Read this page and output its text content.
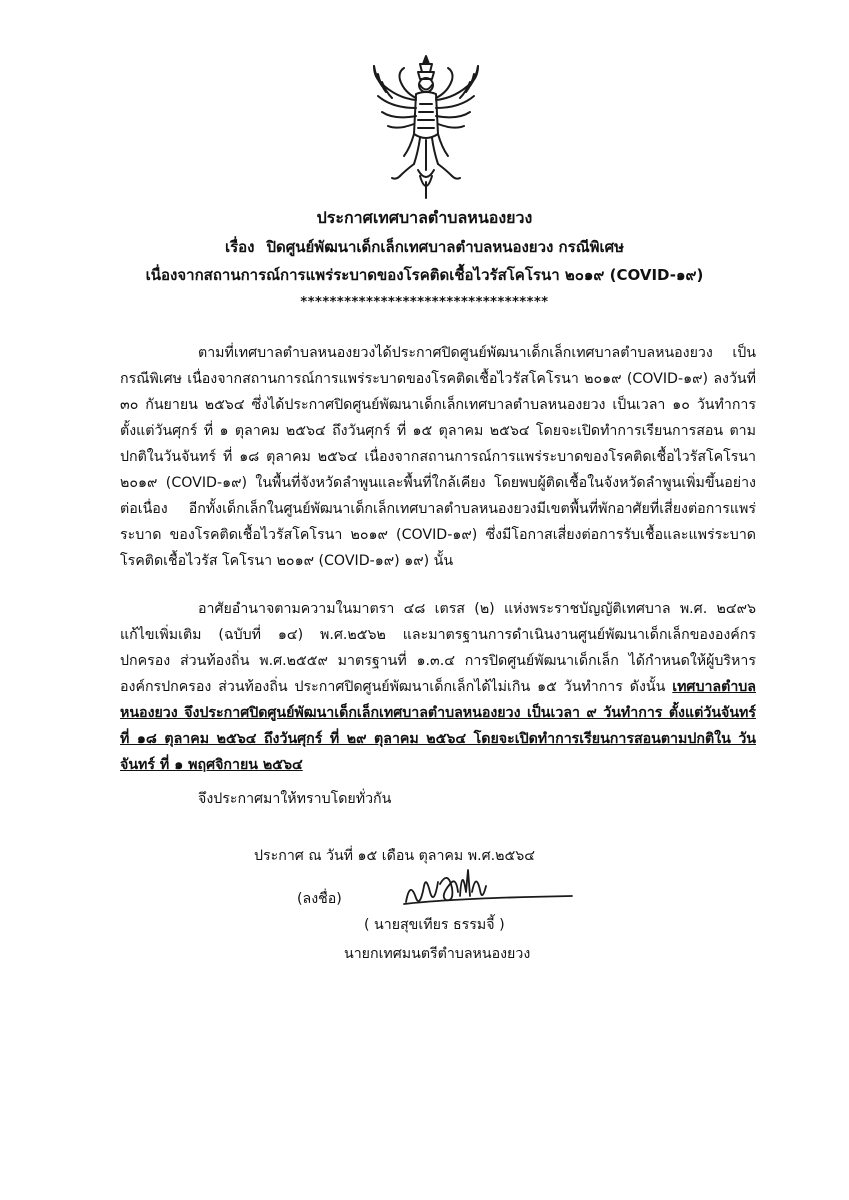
ประกาศเทศบาลตำบลหนองยวง
เรื่อง ปิดศูนย์พัฒนาเด็กเล็กเทศบาลตำบลหนองยวง กรณีพิเศษ
เนื่องจากสถานการณ์การแพร่ระบาดของโรคติดเชื้อไวรัสโคโรนา ๒๐๑๙ (COVID-๑๙)
**********************************

ตามที่เทศบาลตำบลหนองยวงได้ประกาศปิดศูนย์พัฒนาเด็กเล็กเทศบาลตำบลหนองยวง เป็นกรณีพิเศษ เนื่องจากสถานการณ์การแพร่ระบาดของโรคติดเชื้อไวรัสโคโรนา ๒๐๑๙ (COVID-๑๙) ลงวันที่ ๓๐ กันยายน ๒๕๖๔ ซึ่งได้ประกาศปิดศูนย์พัฒนาเด็กเล็กเทศบาลตำบลหนองยวง เป็นเวลา ๑๐ วันทำการ ตั้งแต่วันศุกร์ ที่ ๑ ตุลาคม ๒๕๖๔ ถึงวันศุกร์ ที่ ๑๕ ตุลาคม ๒๕๖๔ โดยจะเปิดทำการเรียนการสอน ตามปกติในวันจันทร์ ที่ ๑๘ ตุลาคม ๒๕๖๔ เนื่องจากสถานการณ์การแพร่ระบาดของโรคติดเชื้อไวรัสโคโรนา ๒๐๑๙ (COVID-๑๙) ในพื้นที่จังหวัดลำพูนและพื้นที่ใกล้เคียง โดยพบผู้ติดเชื้อในจังหวัดลำพูนเพิ่มขึ้นอย่าง ต่อเนื่อง อีกทั้งเด็กเล็กในศูนย์พัฒนาเด็กเล็กเทศบาลตำบลหนองยวงมีเขตพื้นที่พักอาศัยที่เสี่ยงต่อการแพร่ระบาด ของโรคติดเชื้อไวรัสโคโรนา ๒๐๑๙ (COVID-๑๙) ซึ่งมีโอกาสเสี่ยงต่อการรับเชื้อและแพร่ระบาดโรคติดเชื้อไวรัส โคโรนา ๒๐๑๙ (COVID-๑๙) ๑๙) นั้น

อาศัยอำนาจตามความในมาตรา ๔๘ เตรส (๒) แห่งพระราชบัญญัติเทศบาล พ.ศ. ๒๔๙๖ แก้ไขเพิ่มเติม (ฉบับที่ ๑๔) พ.ศ.๒๕๖๒ และมาตรฐานการดำเนินงานศูนย์พัฒนาเด็กเล็กขององค์กรปกครอง ส่วนท้องถิ่น พ.ศ.๒๕๕๙ มาตรฐานที่ ๑.๓.๔ การปิดศูนย์พัฒนาเด็กเล็ก ได้กำหนดให้ผู้บริหารองค์กรปกครอง ส่วนท้องถิ่น ประกาศปิดศูนย์พัฒนาเด็กเล็กได้ไม่เกิน ๑๕ วันทำการ ดังนั้น เทศบาลตำบลหนองยวง จึงประกาศปิดศูนย์พัฒนาเด็กเล็กเทศบาลตำบลหนองยวง เป็นเวลา ๙ วันทำการ ตั้งแต่วันจันทร์ ที่ ๑๘ ตุลาคม ๒๕๖๔ ถึงวันศุกร์ ที่ ๒๙ ตุลาคม ๒๕๖๔ โดยจะเปิดทำการเรียนการสอนตามปกติใน วันจันทร์ ที่ ๑ พฤศจิกายน ๒๕๖๔

จึงประกาศมาให้ทราบโดยทั่วกัน
ประกาศ ณ วันที่ ๑๕ เดือน ตุลาคม พ.ศ.๒๕๖๔
(ลงชื่อ)
( นายสุขเทียร ธรรมจี้ )
นายกเทศมนตรีตำบลหนองยวง
